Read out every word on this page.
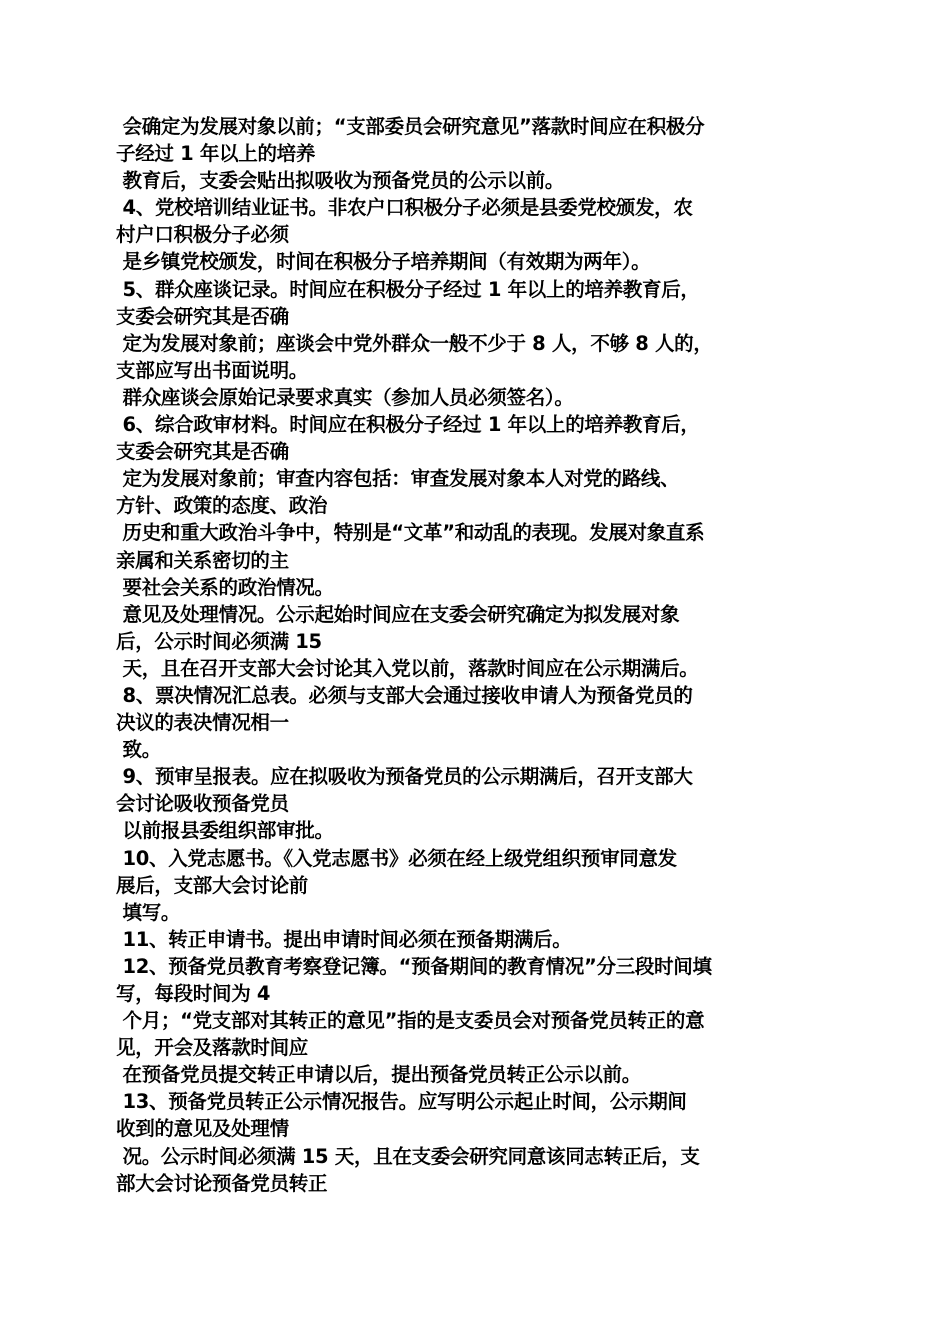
会确定为发展对象以前；“支部委员会研究意见”落款时间应在积极分
子经过 1 年以上的培养
教育后，支委会贴出拟吸收为预备党员的公示以前。
4、党校培训结业证书。非农户口积极分子必须是县委党校颁发，农
村户口积极分子必须
是乡镇党校颁发，时间在积极分子培养期间（有效期为两年）。
5、群众座谈记录。时间应在积极分子经过 1 年以上的培养教育后，
支委会研究其是否确
定为发展对象前；座谈会中党外群众一般不少于 8 人，不够 8 人的，
支部应写出书面说明。
群众座谈会原始记录要求真实（参加人员必须签名）。
6、综合政审材料。时间应在积极分子经过 1 年以上的培养教育后，
支委会研究其是否确
定为发展对象前；审查内容包括：审查发展对象本人对党的路线、
方针、政策的态度、政治
历史和重大政治斗争中，特别是“文革”和动乱的表现。发展对象直系
亲属和关系密切的主
要社会关系的政治情况。
意见及处理情况。公示起始时间应在支委会研究确定为拟发展对象
后，公示时间必须满 15
天，且在召开支部大会讨论其入党以前，落款时间应在公示期满后。
8、票决情况汇总表。必须与支部大会通过接收申请人为预备党员的
决议的表决情况相一
致。
9、预审呈报表。应在拟吸收为预备党员的公示期满后，召开支部大
会讨论吸收预备党员
以前报县委组织部审批。
10、入党志愿书。《入党志愿书》必须在经上级党组织预审同意发
展后，支部大会讨论前
填写。
11、转正申请书。提出申请时间必须在预备期满后。
12、预备党员教育考察登记簿。“预备期间的教育情况”分三段时间填
写，每段时间为 4
个月；“党支部对其转正的意见”指的是支委员会对预备党员转正的意
见，开会及落款时间应
在预备党员提交转正申请以后，提出预备党员转正公示以前。
13、预备党员转正公示情况报告。应写明公示起止时间，公示期间
收到的意见及处理情
况。公示时间必须满 15 天，且在支委会研究同意该同志转正后，支
部大会讨论预备党员转正
